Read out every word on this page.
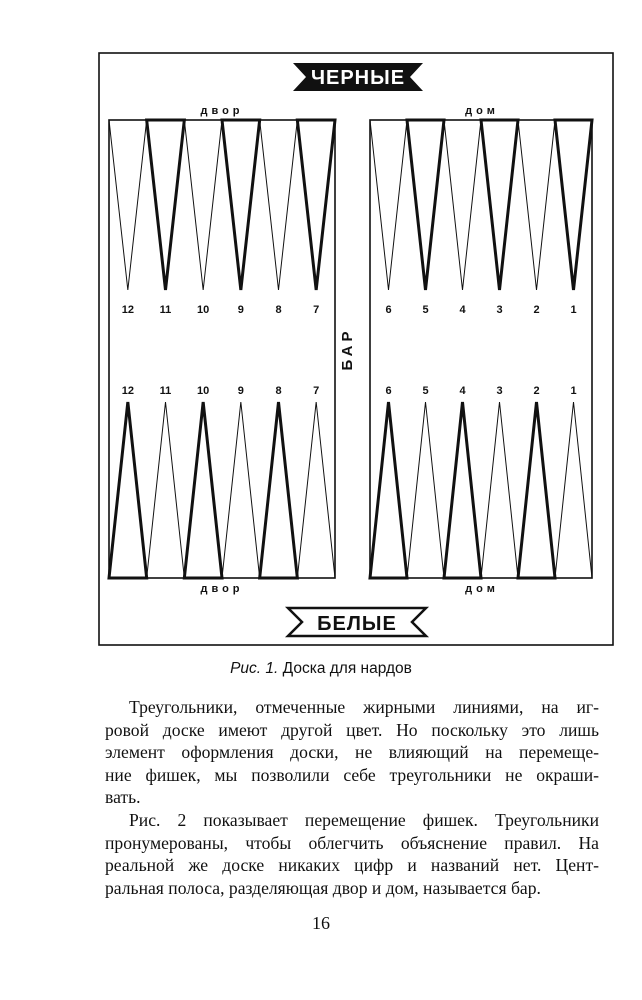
ЧЕРНЫЕ
БЕЛЫЕ
двор	дом
двор	дом
БАР
12
12
11
11
10
10
9
9
8
8
7
7
6
6
5
5
4
4
3
3
2
2
1
1
Рис. 1. Доска для нардов
Треугольники, отмеченные жирными линиями, на иг-
ровой доске имеют другой цвет. Но поскольку это лишь
элемент оформления доски, не влияющий на перемеще-
ние фишек, мы позволили себе треугольники не окраши-
вать.
Рис. 2 показывает перемещение фишек. Треугольники
пронумерованы, чтобы облегчить объяснение правил. На
реальной же доске никаких цифр и названий нет. Цент-
ральная полоса, разделяющая двор и дом, называется бар.
16
